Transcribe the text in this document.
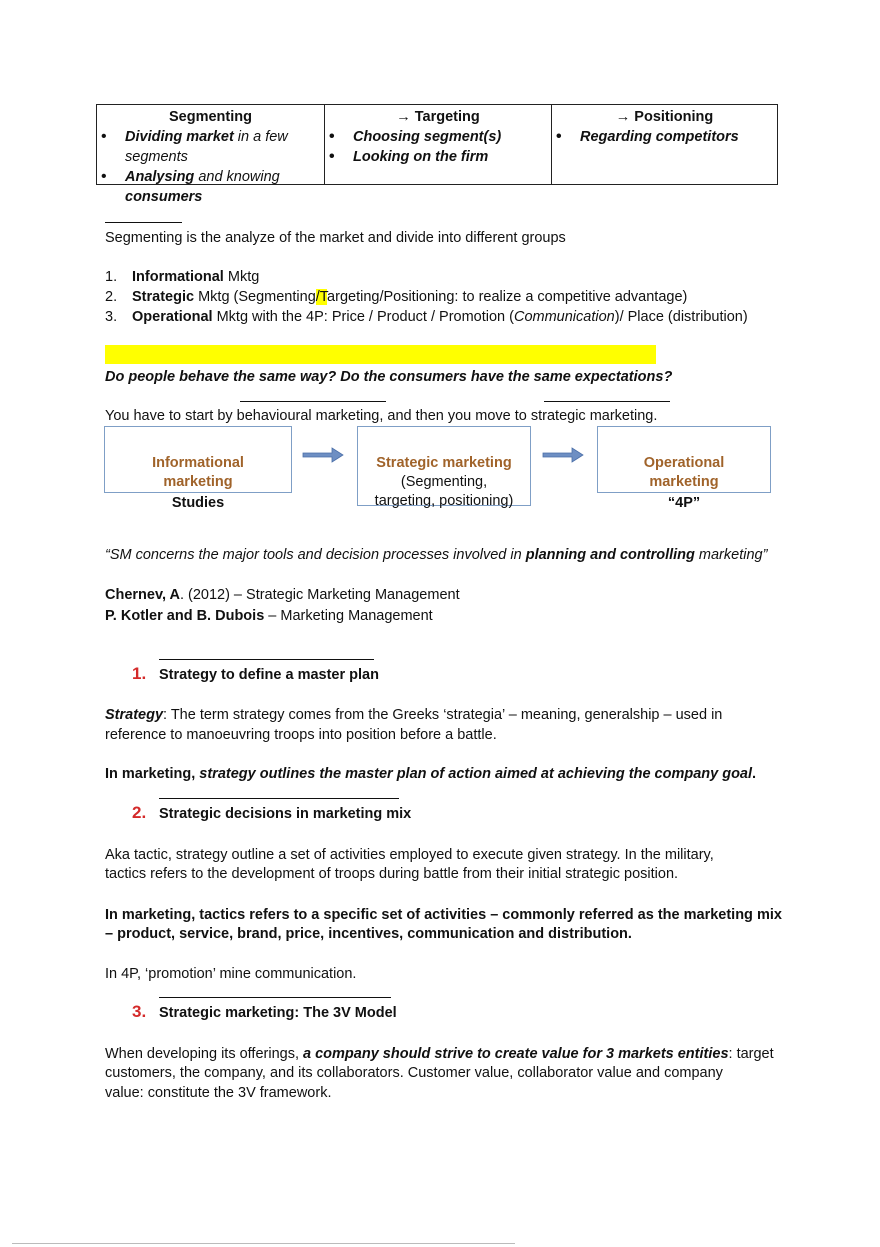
Segmenting
• Dividing market in a few
segments
• Analysing and knowing
consumers
→ Targeting
• Choosing segment(s)
• Looking on the firm
→ Positioning
• Regarding competitors
Segmenting is the analyze of the market and divide into different groups
1. Informational Mktg
2. Strategic Mktg (Segmenting/Targeting/Positioning: to realize a competitive advantage)
3. Operational Mktg with the 4P: Price / Product / Promotion (Communication)/ Place (distribution)
Do people behave the same way? Do the consumers have the same expectations?
You have to start by behavioural marketing, and then you move to strategic marketing.
Informational
marketing
Studies
Strategic marketing
(Segmenting,
targeting, positioning)
Operational
marketing
“4P”
“SM concerns the major tools and decision processes involved in planning and controlling marketing”
Chernev, A. (2012) – Strategic Marketing Management
P. Kotler and B. Dubois – Marketing Management
1. Strategy to define a master plan
Strategy: The term strategy comes from the Greeks ‘strategia’ – meaning, generalship – used in
reference to manoeuvring troops into position before a battle.
In marketing, strategy outlines the master plan of action aimed at achieving the company goal.
2. Strategic decisions in marketing mix
Aka tactic, strategy outline a set of activities employed to execute given strategy. In the military,
tactics refers to the development of troops during battle from their initial strategic position.
In marketing, tactics refers to a specific set of activities – commonly referred as the marketing mix
– product, service, brand, price, incentives, communication and distribution.
In 4P, ‘promotion’ mine communication.
3. Strategic marketing: The 3V Model
When developing its offerings, a company should strive to create value for 3 markets entities: target
customers, the company, and its collaborators. Customer value, collaborator value and company
value: constitute the 3V framework.
